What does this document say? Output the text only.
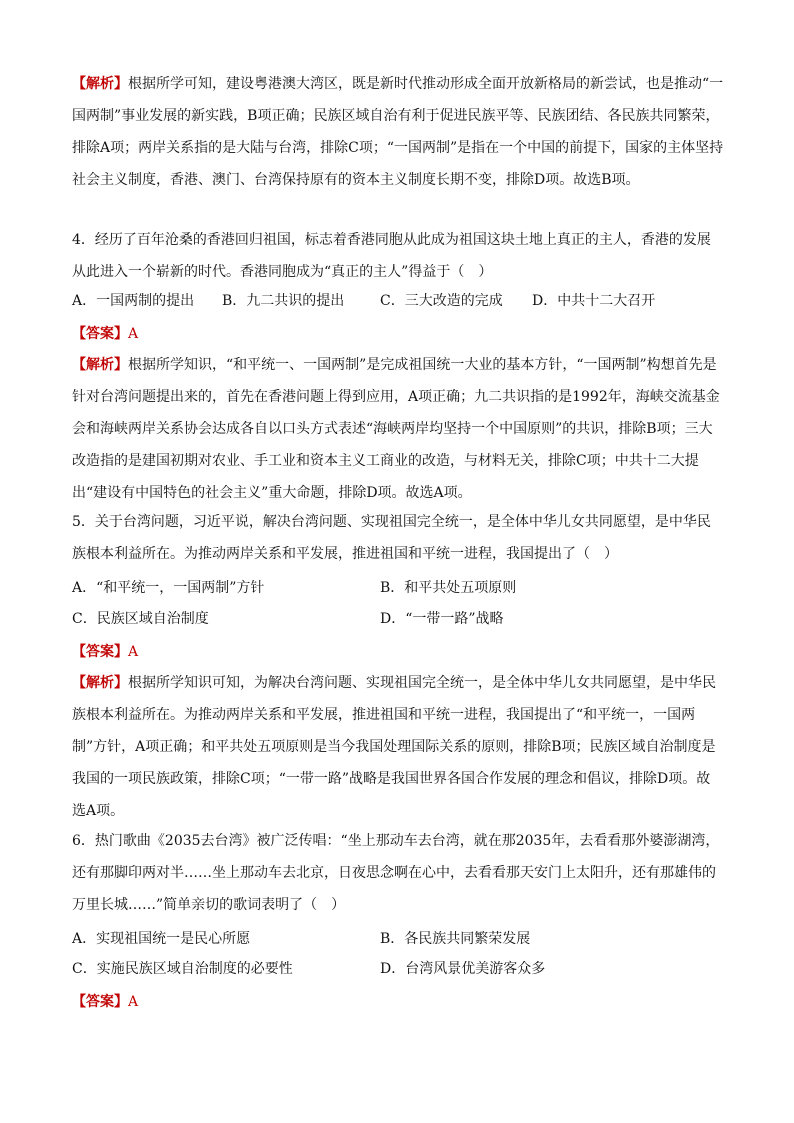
【解析】根据所学可知，建设粤港澳大湾区，既是新时代推动形成全面开放新格局的新尝试，也是推动“一国两制”事业发展的新实践，B项正确；民族区域自治有利于促进民族平等、民族团结、各民族共同繁荣，排除A项；两岸关系指的是大陆与台湾，排除C项；“一国两制”是指在一个中国的前提下，国家的主体坚持社会主义制度，香港、澳门、台湾保持原有的资本主义制度长期不变，排除D项。故选B项。

4．经历了百年沧桑的香港回归祖国，标志着香港同胞从此成为祖国这块土地上真正的主人，香港的发展从此进入一个崭新的时代。香港同胞成为“真正的主人”得益于（　）

A．一国两制的提出 B．九二共识的提出	C．三大改造的完成 D．中共十二大召开

【答案】A

【解析】根据所学知识，“和平统一、一国两制”是完成祖国统一大业的基本方针，“一国两制”构想首先是针对台湾问题提出来的，首先在香港问题上得到应用，A项正确；九二共识指的是1992年，海峡交流基金会和海峡两岸关系协会达成各自以口头方式表述“海峡两岸均坚持一个中国原则”的共识，排除B项；三大改造指的是建国初期对农业、手工业和资本主义工商业的改造，与材料无关，排除C项；中共十二大提出“建设有中国特色的社会主义”重大命题，排除D项。故选A项。

5．关于台湾问题，习近平说，解决台湾问题、实现祖国完全统一，是全体中华儿女共同愿望，是中华民族根本利益所在。为推动两岸关系和平发展，推进祖国和平统一进程，我国提出了（　）

A．“和平统一，一国两制”方针	B．和平共处五项原则
C．民族区域自治制度	D．“一带一路”战略

【答案】A

【解析】根据所学知识可知，为解决台湾问题、实现祖国完全统一，是全体中华儿女共同愿望，是中华民族根本利益所在。为推动两岸关系和平发展，推进祖国和平统一进程，我国提出了“和平统一，一国两制”方针，A项正确；和平共处五项原则是当今我国处理国际关系的原则，排除B项；民族区域自治制度是我国的一项民族政策，排除C项；“一带一路”战略是我国世界各国合作发展的理念和倡议，排除D项。故选A项。

6．热门歌曲《2035去台湾》被广泛传唱：“坐上那动车去台湾，就在那2035年，去看看那外婆澎湖湾，还有那脚印两对半……坐上那动车去北京，日夜思念啊在心中，去看看那天安门上太阳升，还有那雄伟的万里长城……”简单亲切的歌词表明了（　）

A．实现祖国统一是民心所愿	B．各民族共同繁荣发展
C．实施民族区域自治制度的必要性	D．台湾风景优美游客众多

【答案】A
